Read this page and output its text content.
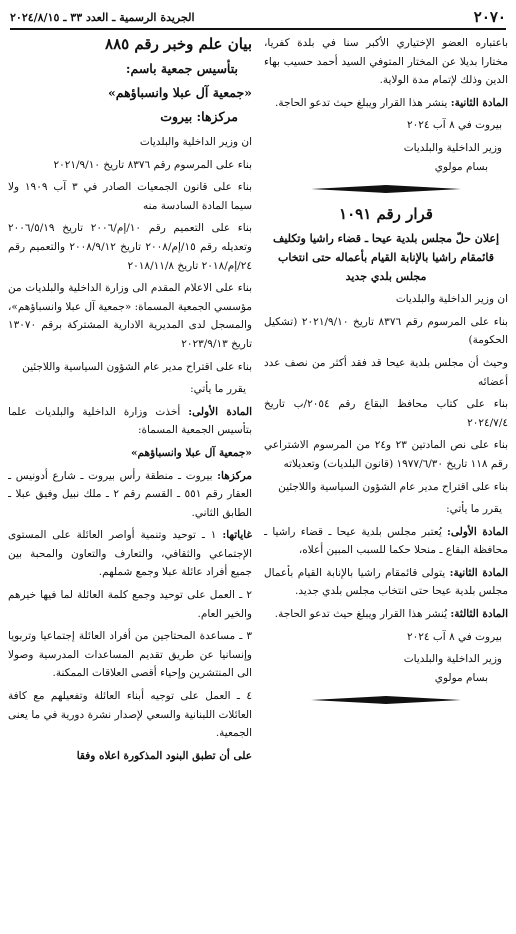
٢٠٧٠
الجريدة الرسمية ـ العدد ٣٣ ـ ٢٠٢٤/٨/١٥

باعتباره العضو الإختياري الأكبر سنا في بلدة كفريا، مختارا بديلا عن المختار المتوفي السيد أحمد حسيب بهاء الدين وذلك لإتمام مدة الولاية.

المادة الثانية: ينشر هذا القرار ويبلغ حيث تدعو الحاجة.

بيروت في ٨ آب ٢٠٢٤

وزير الداخلية والبلديات

بسام مولوي

قرار رقم ١٠٩١

إعلان حلّ مجلس بلدية عيحا ـ قضاء راشيا وتكليف قائمقام راشيا بالإنابة القيام بأعماله حتى انتخاب مجلس بلدي جديد

ان وزير الداخلية والبلديات

بناء على المرسوم رقم ٨٣٧٦ تاريخ ٢٠٢١/٩/١٠ (تشكيل الحكومة)

وحيث أن مجلس بلدية عيحا قد فقد أكثر من نصف عدد أعضائه

بناء على كتاب محافظ البقاع رقم ٢٠٥٤/ب تاريخ ٢٠٢٤/٧/٤

بناء على نص المادتين ٢٣ و٢٤ من المرسوم الاشتراعي رقم ١١٨ تاريخ ١٩٧٧/٦/٣٠ (قانون البلديات) وتعديلاته

بناء على اقتراح مدير عام الشؤون السياسية واللاجئين

يقرر ما يأتي:

المادة الأولى: يُعتبر مجلس بلدية عيحا ـ قضاء راشيا ـ محافظة البقاع ـ منحلا حكما للسبب المبين أعلاه،

المادة الثانية: يتولى قائمقام راشيا بالإنابة القيام بأعمال مجلس بلدية عيحا حتى انتخاب مجلس بلدي جديد.

المادة الثالثة: يُنشر هذا القرار ويبلغ حيث تدعو الحاجة.

بيروت في ٨ آب ٢٠٢٤

وزير الداخلية والبلديات

بسام مولوي

بيان علم وخبر رقم ٨٨٥

بتأسيس جمعية باسم:

«جمعية آل عبلا وانسباؤهم»

مركزها: بيروت

ان وزير الداخلية والبلديات

بناء على المرسوم رقم ٨٣٧٦ تاريخ ٢٠٢١/٩/١٠

بناء على قانون الجمعيات الصادر في ٣ آب ١٩٠٩ ولا سيما المادة السادسة منه

بناء على التعميم رقم ١٠/إم/٢٠٠٦ تاريخ ٢٠٠٦/٥/١٩ وتعديله رقم ١٥/إم/٢٠٠٨ تاريخ ٢٠٠٨/٩/١٢ والتعميم رقم ٢٤/إم/٢٠١٨ تاريخ ٢٠١٨/١١/٨

بناء على الاعلام المقدم الى وزارة الداخلية والبلديات من مؤسسي الجمعية المسماة: «جمعية آل عبلا وانسباؤهم»، والمسجل لدى المديرية الادارية المشتركة برقم ١٣٠٧٠ تاريخ ٢٠٢٣/٩/١٣

بناء على اقتراح مدير عام الشؤون السياسية واللاجئين

يقرر ما يأتي:

المادة الأولى: أخذت وزارة الداخلية والبلديات علما بتأسيس الجمعية المسماة:

«جمعية آل عبلا وانسباؤهم»

مركزها: بيروت ـ منطقة رأس بيروت ـ شارع أدونيس ـ العقار رقم ٥٥١ ـ القسم رقم ٢ ـ ملك نبيل وفيق عبلا ـ الطابق الثاني.

غاياتها: ١ ـ توحيد وتنمية أواصر العائلة على المستوى الإجتماعي والثقافي، والتعارف والتعاون والمحبة بين جميع أفراد عائلة عبلا وجمع شملهم.

٢ ـ العمل على توحيد وجمع كلمة العائلة لما فيها خيرهم والخير العام.

٣ ـ مساعدة المحتاجين من أفراد العائلة إجتماعيا وتربويا وإنسانيا عن طريق تقديم المساعدات المدرسية وصولا الى المنتشرين وإحياء أقصى العلاقات الممكنة.

٤ ـ العمل على توجيه أبناء العائلة وتفعيلهم مع كافة العائلات اللبنانية والسعي لإصدار نشرة دورية في ما يعنى الجمعية.

على أن تطبق البنود المذكورة اعلاه وفقا
